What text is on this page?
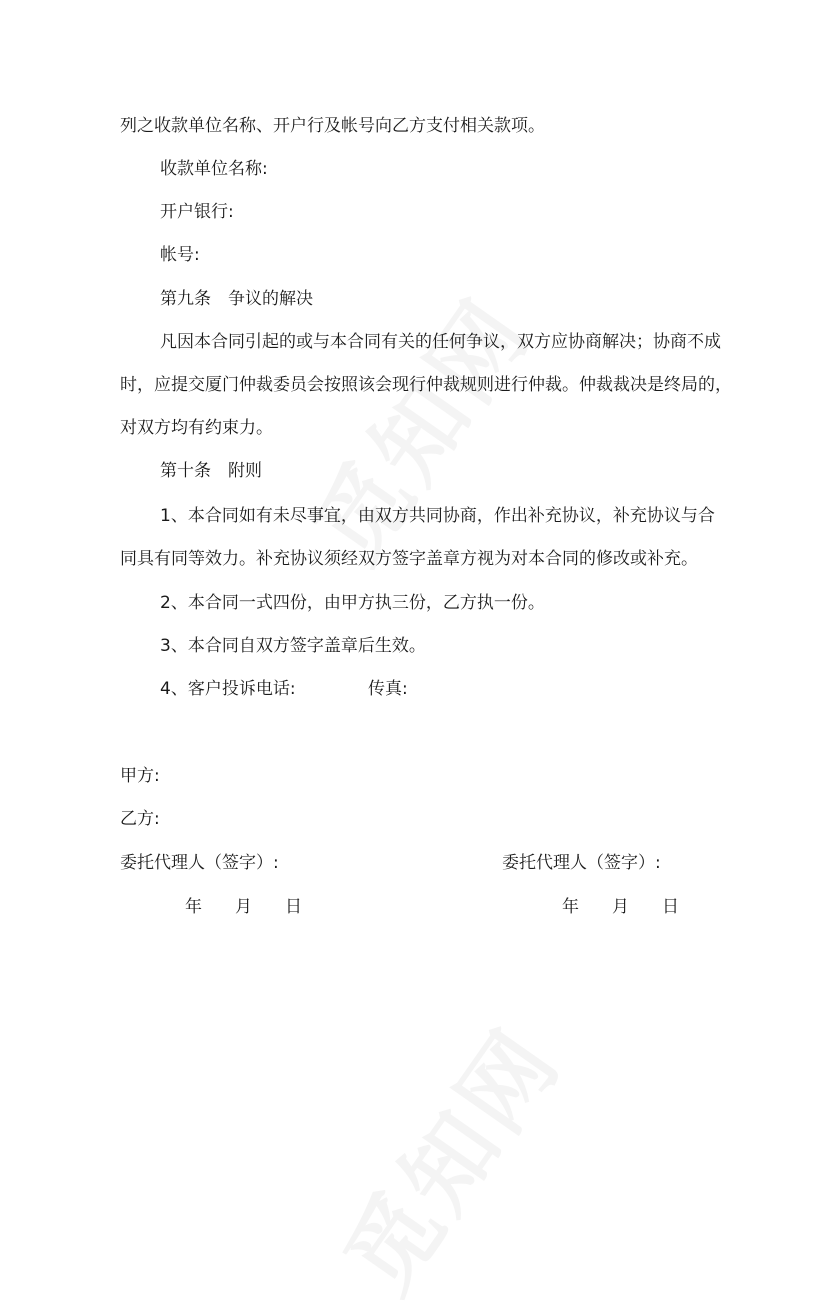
列之收款单位名称、开户行及帐号向乙方支付相关款项。
收款单位名称:
开户银行:
帐号:
第九条　争议的解决
凡因本合同引起的或与本合同有关的任何争议，双方应协商解决；协商不成
时，应提交厦门仲裁委员会按照该会现行仲裁规则进行仲裁。仲裁裁决是终局的，
对双方均有约束力。
第十条　附则
1、本合同如有未尽事宜，由双方共同协商，作出补充协议，补充协议与合
同具有同等效力。补充协议须经双方签字盖章方视为对本合同的修改或补充。
2、本合同一式四份，由甲方执三份，乙方执一份。
3、本合同自双方签字盖章后生效。
4、客户投诉电话:	传真:
甲方:
乙方:
委托代理人（签字）:	委托代理人（签字）:
年 月 日	年 月 日
